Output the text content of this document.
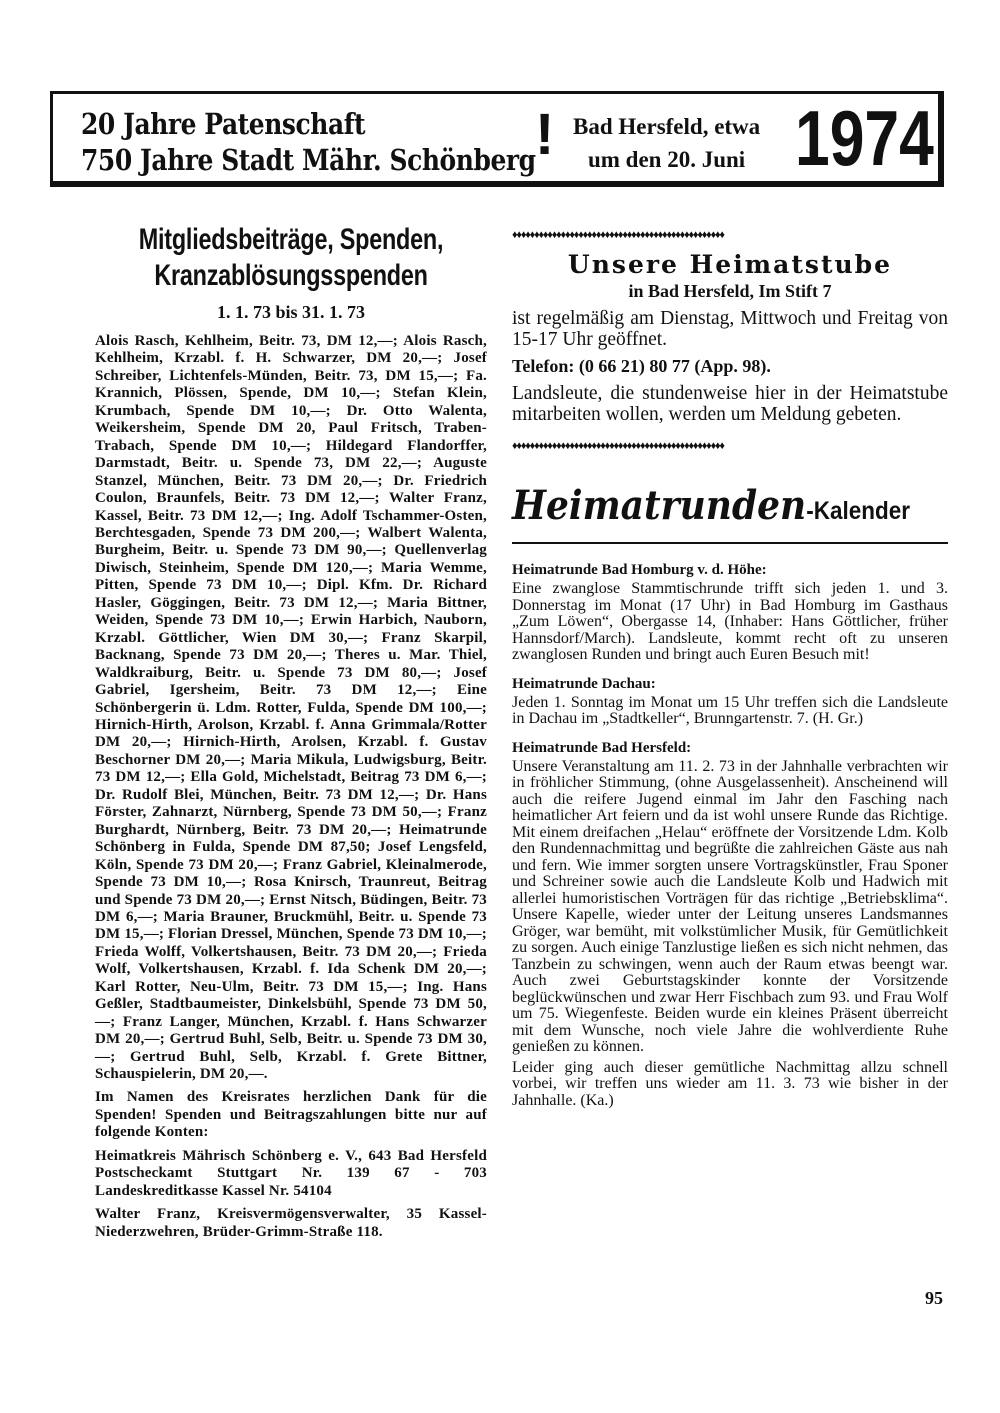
20 Jahre Patenschaft
750 Jahre Stadt Mähr. Schönberg ! Bad Hersfeld, etwa
um den 20. Juni 1974
Mitgliedsbeiträge, Spenden,
Kranzablösungsspenden
1. 1. 73 bis 31. 1. 73

Alois Rasch, Kehlheim, Beitr. 73, DM 12,—; Alois Rasch, Kehlheim, Krzabl. f. H. Schwarzer, DM 20,—; Josef Schreiber, Lichtenfels-Münden, Beitr. 73, DM 15,—; Fa. Krannich, Plössen, Spende, DM 10,—; Stefan Klein, Krumbach, Spende DM 10,—; Dr. Otto Walenta, Weikersheim, Spende DM 20, Paul Fritsch, Traben-Trabach, Spende DM 10,—; Hildegard Flandorffer, Darmstadt, Beitr. u. Spende 73, DM 22,—; Auguste Stanzel, München, Beitr. 73 DM 20,—; Dr. Friedrich Coulon, Braunfels, Beitr. 73 DM 12,—; Walter Franz, Kassel, Beitr. 73 DM 12,—; Ing. Adolf Tschammer-Osten, Berchtesgaden, Spende 73 DM 200,—; Walbert Walenta, Burgheim, Beitr. u. Spende 73 DM 90,—; Quellenverlag Diwisch, Steinheim, Spende DM 120,—; Maria Wemme, Pitten, Spende 73 DM 10,—; Dipl. Kfm. Dr. Richard Hasler, Göggingen, Beitr. 73 DM 12,—; Maria Bittner, Weiden, Spende 73 DM 10,—; Erwin Harbich, Nauborn, Krzabl. Göttlicher, Wien DM 30,—; Franz Skarpil, Backnang, Spende 73 DM 20,—; Theres u. Mar. Thiel, Waldkraiburg, Beitr. u. Spende 73 DM 80,—; Josef Gabriel, Igersheim, Beitr. 73 DM 12,—; Eine Schönbergerin ü. Ldm. Rotter, Fulda, Spende DM 100,—; Hirnich-Hirth, Arolson, Krzabl. f. Anna Grimmala/Rotter DM 20,—; Hirnich-Hirth, Arolsen, Krzabl. f. Gustav Beschorner DM 20,—; Maria Mikula, Ludwigsburg, Beitr. 73 DM 12,—; Ella Gold, Michelstadt, Beitrag 73 DM 6,—; Dr. Rudolf Blei, München, Beitr. 73 DM 12,—; Dr. Hans Förster, Zahnarzt, Nürnberg, Spende 73 DM 50,—; Franz Burghardt, Nürnberg, Beitr. 73 DM 20,—; Heimatrunde Schönberg in Fulda, Spende DM 87,50; Josef Lengsfeld, Köln, Spende 73 DM 20,—; Franz Gabriel, Kleinalmerode, Spende 73 DM 10,—; Rosa Knirsch, Traunreut, Beitrag und Spende 73 DM 20,—; Ernst Nitsch, Büdingen, Beitr. 73 DM 6,—; Maria Brauner, Bruckmühl, Beitr. u. Spende 73 DM 15,—; Florian Dressel, München, Spende 73 DM 10,—; Frieda Wolff, Volkertshausen, Beitr. 73 DM 20,—; Frieda Wolf, Volkertshausen, Krzabl. f. Ida Schenk DM 20,—; Karl Rotter, Neu-Ulm, Beitr. 73 DM 15,—; Ing. Hans Geßler, Stadtbaumeister, Dinkelsbühl, Spende 73 DM 50,—; Franz Langer, München, Krzabl. f. Hans Schwarzer DM 20,—; Gertrud Buhl, Selb, Beitr. u. Spende 73 DM 30,—; Gertrud Buhl, Selb, Krzabl. f. Grete Bittner, Schauspielerin, DM 20,—.

Im Namen des Kreisrates herzlichen Dank für die Spenden! Spenden und Beitragszahlungen bitte nur auf folgende Konten:

Heimatkreis Mährisch Schönberg e. V., 643 Bad Hersfeld Postscheckamt Stuttgart Nr. 139 67 - 703 Landeskreditkasse Kassel Nr. 54104

Walter Franz, Kreisvermögensverwalter, 35 Kassel-Niederzwehren, Brüder-Grimm-Straße 118.

♦♦♦♦♦♦♦♦♦♦♦♦♦♦♦♦♦♦♦♦♦♦♦♦♦♦♦♦♦♦♦♦♦♦♦♦♦♦♦♦♦♦♦♦♦♦♦♦
Unsere Heimatstube
in Bad Hersfeld, Im Stift 7

ist regelmäßig am Dienstag, Mittwoch und Freitag von 15-17 Uhr geöffnet.

Telefon: (0 66 21) 80 77 (App. 98).

Landsleute, die stundenweise hier in der Heimatstube mitarbeiten wollen, werden um Meldung gebeten.

♦♦♦♦♦♦♦♦♦♦♦♦♦♦♦♦♦♦♦♦♦♦♦♦♦♦♦♦♦♦♦♦♦♦♦♦♦♦♦♦♦♦♦♦♦♦♦♦
Heimatrunden-Kalender
Heimatrunde Bad Homburg v. d. Höhe:

Eine zwanglose Stammtischrunde trifft sich jeden 1. und 3. Donnerstag im Monat (17 Uhr) in Bad Homburg im Gasthaus „Zum Löwen“, Obergasse 14, (Inhaber: Hans Göttlicher, früher Hannsdorf/March). Landsleute, kommt recht oft zu unseren zwanglosen Runden und bringt auch Euren Besuch mit!

Heimatrunde Dachau:

Jeden 1. Sonntag im Monat um 15 Uhr treffen sich die Landsleute in Dachau im „Stadtkeller“, Brunngartenstr. 7. (H. Gr.)

Heimatrunde Bad Hersfeld:

Unsere Veranstaltung am 11. 2. 73 in der Jahnhalle verbrachten wir in fröhlicher Stimmung, (ohne Ausgelassenheit). Anscheinend will auch die reifere Jugend einmal im Jahr den Fasching nach heimatlicher Art feiern und da ist wohl unsere Runde das Richtige. Mit einem dreifachen „Helau“ eröffnete der Vorsitzende Ldm. Kolb den Rundennachmittag und begrüßte die zahlreichen Gäste aus nah und fern. Wie immer sorgten unsere Vortragskünstler, Frau Sponer und Schreiner sowie auch die Landsleute Kolb und Hadwich mit allerlei humoristischen Vorträgen für das richtige „Betriebsklima“. Unsere Kapelle, wieder unter der Leitung unseres Landsmannes Gröger, war bemüht, mit volkstümlicher Musik, für Gemütlichkeit zu sorgen. Auch einige Tanzlustige ließen es sich nicht nehmen, das Tanzbein zu schwingen, wenn auch der Raum etwas beengt war. Auch zwei Geburtstagskinder konnte der Vorsitzende beglückwünschen und zwar Herr Fischbach zum 93. und Frau Wolf um 75. Wiegenfeste. Beiden wurde ein kleines Präsent überreicht mit dem Wunsche, noch viele Jahre die wohlverdiente Ruhe genießen zu können.

Leider ging auch dieser gemütliche Nachmittag allzu schnell vorbei, wir treffen uns wieder am 11. 3. 73 wie bisher in der Jahnhalle. (Ka.)

95
